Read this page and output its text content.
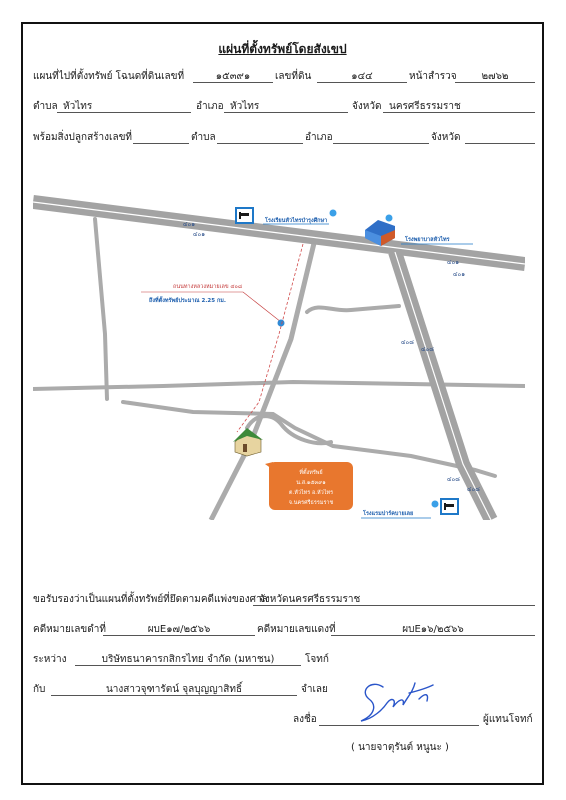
แผ่นที่ตั้งทรัพย์โดยสังเขป
แผนที่ไปที่ตั้งทรัพย์ โฉนดที่ดินเลขที่	๑๕๓๙๑	เลขที่ดิน	๑๔๔	หน้าสำรวจ	๒๗๖๒
ตำบล หัวไทร	อำเภอ หัวไทร	จังหวัด นครศรีธรรมราช
พร้อมสิ่งปลูกสร้างเลขที่	ตำบล	อำเภอ	จังหวัด
๔๐๑
๔๐๑
๔๐๑
๔๐๑
๔๐๘
๔๐๘
๔๐๘
๔๐๘
โรงเรียนหัวไทรบำรุงศึกษา
โรงพยาบาลหัวไทร
ถนนทางหลวงหมายเลข ๔๐๘
ถึงที่ตั้งทรัพย์ประมาณ 2.25 กม.
ที่ตั้งทรัพย์
น.ส.๑๕๓๙๑
ต.หัวไทร อ.หัวไทร
จ.นครศรีธรรมราช
โรงแรมปาร์คบายเลย
ขอรับรองว่าเป็นแผนที่ตั้งทรัพย์ที่ยึดตามคดีแพ่งของศาล
จังหวัดนครศรีธรรมราช
คดีหมายเลขดำที่	ผบE๑๗/๒๕๖๖	คดีหมายเลขแดงที่	ผบE๑๖/๒๕๖๖
ระหว่าง	บริษัทธนาคารกสิกรไทย จำกัด (มหาชน)	โจทก์
กับ	นางสาวจุฑารัตน์ จุลบุญญาสิทธิ์	จำเลย
ลงชื่อ	ผู้แทนโจทก์
( นายจาตุรันต์ หนูนะ )
